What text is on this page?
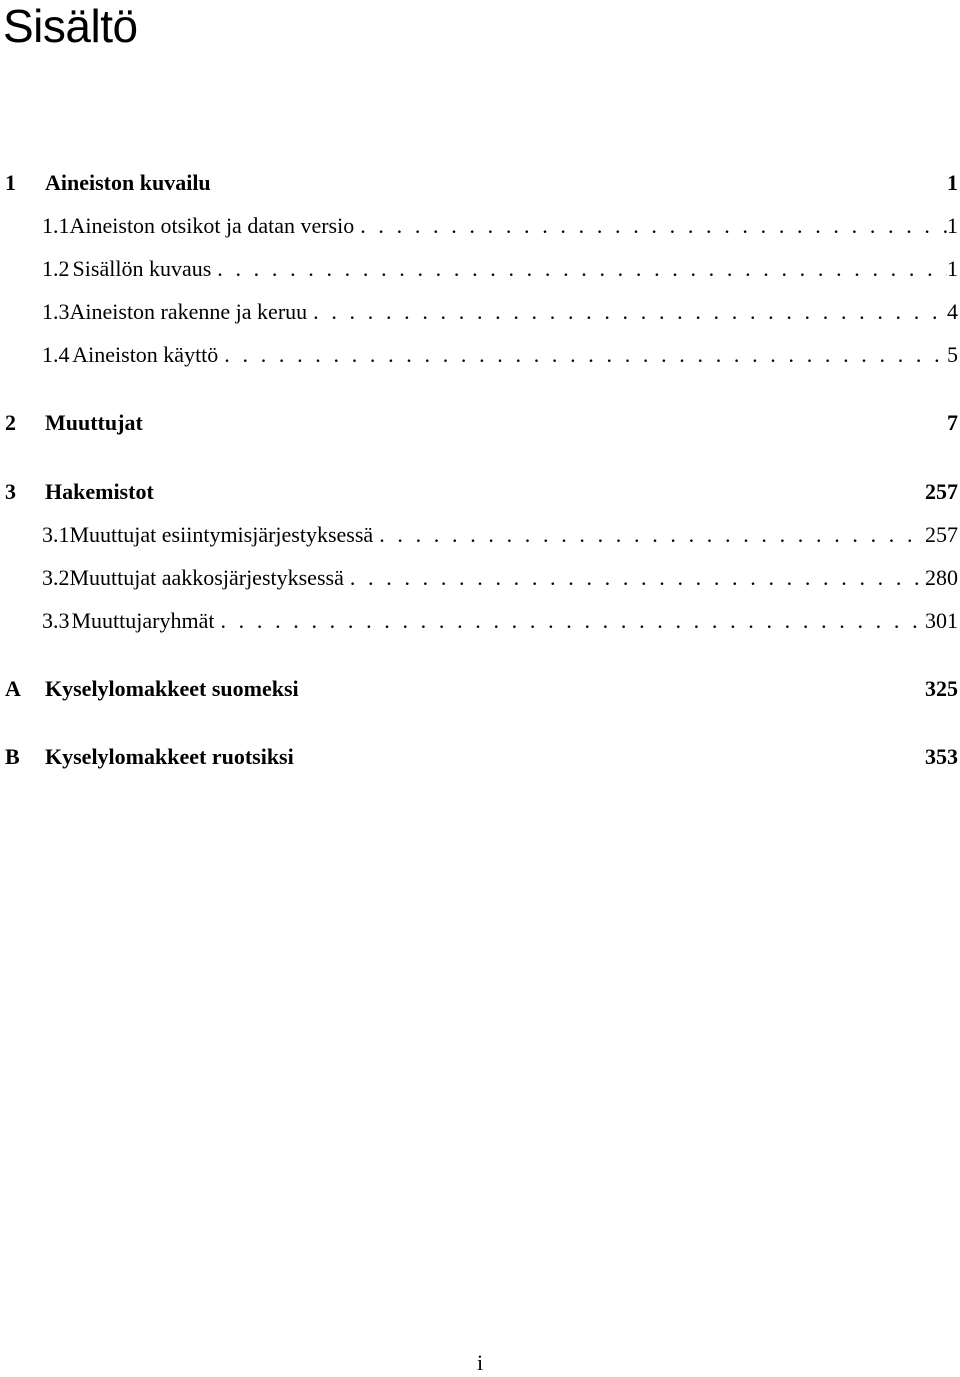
Sisältö
1	Aineiston kuvailu	1
1.1 Aineiston otsikot ja datan versio . . .	1
1.2 Sisällön kuvaus . . .	1
1.3 Aineiston rakenne ja keruu . . .	4
1.4 Aineiston käyttö . . .	5
2	Muuttujat	7
3	Hakemistot	257
3.1 Muuttujat esiintymisjärjestyksessä . . .	257
3.2 Muuttujat aakkosjärjestyksessä . . .	280
3.3 Muuttujaryhmät . . .	301
A	Kyselylomakkeet suomeksi	325
B	Kyselylomakkeet ruotsiksi	353
i
